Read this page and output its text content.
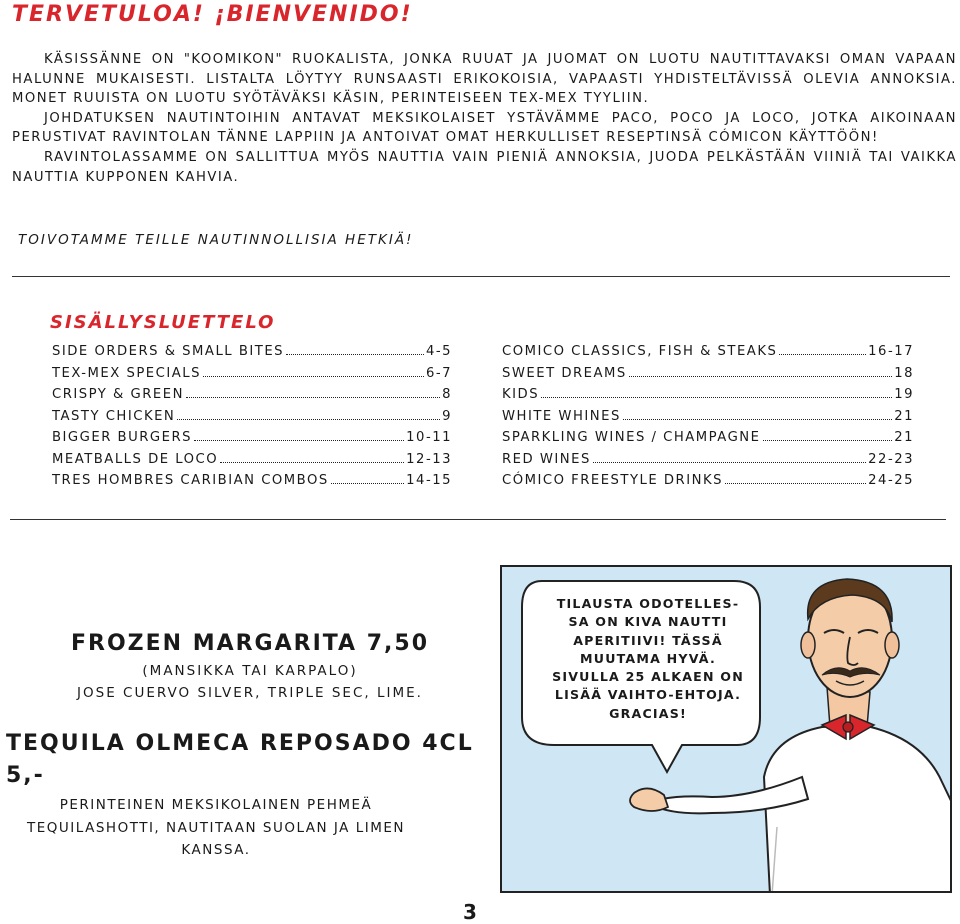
TERVETULOA! ¡BIENVENIDO!

KÄSISSÄNNE ON "KOOMIKON" RUOKALISTA, JONKA RUUAT JA JUOMAT ON LUOTU NAUTITTAVAKSI OMAN VAPAAN HALUNNE MUKAISESTI. LISTALTA LÖYTYY RUNSAASTI ERIKOKOISIA, VAPAASTI YHDISTELTÄVISSÄ OLEVIA ANNOKSIA. MONET RUUISTA ON LUOTU SYÖTÄVÄKSI KÄSIN, PERINTEISEEN TEX-MEX TYYLIIN.

JOHDATUKSEN NAUTINTOIHIN ANTAVAT MEKSIKOLAISET YSTÄVÄMME PACO, POCO JA LOCO, JOTKA AIKOINAAN PERUSTIVAT RAVINTOLAN TÄNNE LAPPIIN JA ANTOIVAT OMAT HERKULLISET RESEPTINSÄ CÓMICON KÄYTTÖÖN!

RAVINTOLASSAMME ON SALLITTUA MYÖS NAUTTIA VAIN PIENIÄ ANNOKSIA, JUODA PELKÄSTÄÄN VIINIÄ TAI VAIKKA NAUTTIA KUPPONEN KAHVIA.

TOIVOTAMME TEILLE NAUTINNOLLISIA HETKIÄ!
SISÄLLYSLUETTELO
SIDE ORDERS & SMALL BITES	4-5
TEX-MEX SPECIALS	6-7
CRISPY & GREEN	8
TASTY CHICKEN	9
BIGGER BURGERS	10-11
MEATBALLS DE LOCO	12-13
TRES HOMBRES CARIBIAN COMBOS	14-15
COMICO CLASSICS, FISH & STEAKS	16-17
SWEET DREAMS	18
KIDS	19
WHITE WHINES	21
SPARKLING WINES / CHAMPAGNE	21
RED WINES	22-23
CÓMICO FREESTYLE DRINKS	24-25
FROZEN MARGARITA 7,50
(MANSIKKA TAI KARPALO)
JOSE CUERVO SILVER, TRIPLE SEC, LIME.
TEQUILA OLMECA REPOSADO 4CL 5,-
PERINTEINEN MEKSIKOLAINEN PEHMEÄ TEQUILASHOTTI, NAUTITAAN SUOLAN JA LIMEN KANSSA.
TILAUSTA ODOTELLES-SA ON KIVA NAUTTI APERITIIVI! TÄSSÄ MUUTAMA HYVÄ. SIVULLA 25 ALKAEN ON LISÄÄ VAIHTO-EHTOJA. GRACIAS!
3
